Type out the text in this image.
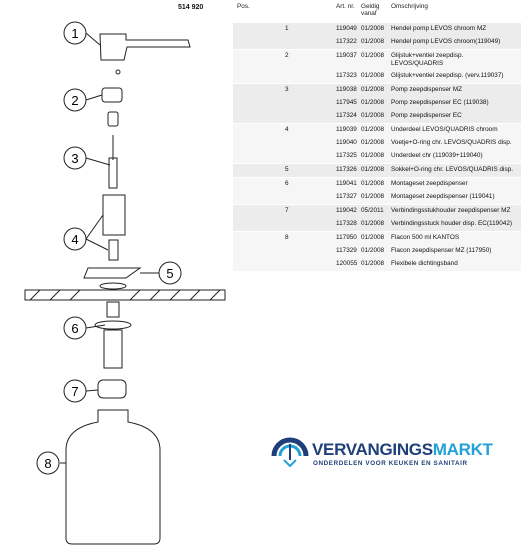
1
2
3
4
5
6
7
8
514 920	Pos.	Art. nr. Geldig vanaf
Omschrijving
1	119049 01/2008 Hendel pomp LEVOS chroom MZ
117322 01/2008 Hendel pomp LEVOS chroom(119049)
2	119037 01/2008 Glijstuk+ventiel zeepdisp. LEVOS/QUADRIS
117323 01/2008 Glijstuk+ventiel zeepdisp. (verv.119037)
3	119038 01/2008 Pomp zeepdispenser MZ
117945 01/2008 Pomp zeepdispenser EC (119038)
117324 01/2008 Pomp zeepdispenser EC
4	119039 01/2008 Underdeel LEVOS/QUADRIS chroom
119040 01/2008 Voetje+O-ring chr. LEVOS/QUADRIS disp.
117325 01/2008 Underdeel chr (119039+119040)
5	117326 01/2008 Sokkel+O-ring chr. LEVOS/QUADRIS disp.
6	119041 01/2008 Montageset zeepdispenser
117327 01/2008 Montageset zeepdispenser (119041)
7	119042 05/2011 Verbindingsstukhouder zeepdispenser MZ
117328 01/2008 Verbindingsstuck houder disp. EC(119042)
8	117950 01/2008 Flacon 500 ml KANTOS
117329 01/2008 Flacon zeepdispenser MZ (117950)
120055 01/2008 Flexibele dichtingsband
VERVANGINGSMARKT
ONDERDELEN VOOR KEUKEN EN SANITAIR
